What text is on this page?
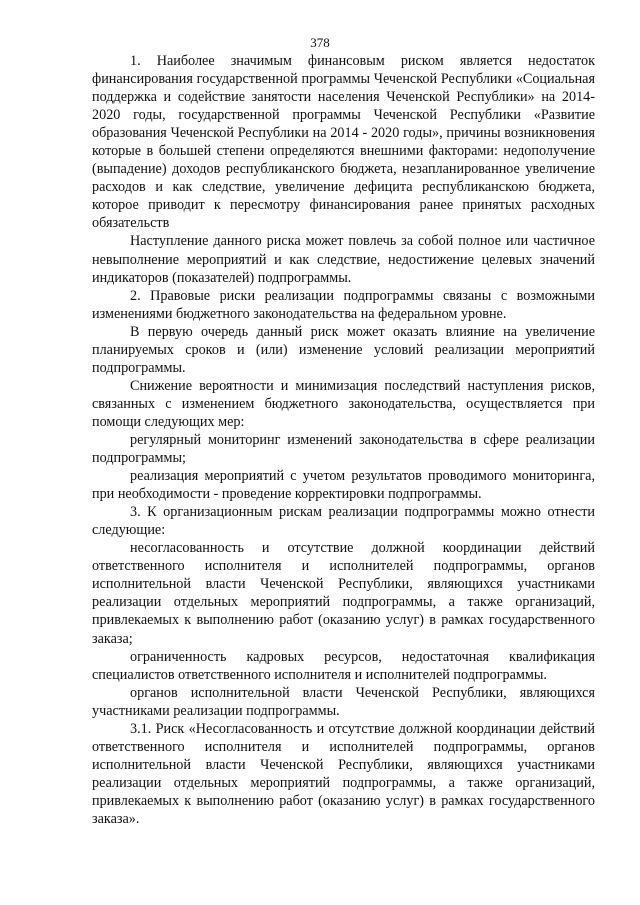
378

1. Наиболее значимым финансовым риском является недостаток финансирования государственной программы Чеченской Республики «Социальная поддержка и содействие занятости населения Чеченской Республики» на 2014-2020 годы, государственной программы Чеченской Республики «Развитие образования Чеченской Республики на 2014 - 2020 годы», причины возникновения которые в большей степени определяются внешними факторами: недополучение (выпадение) доходов республиканского бюджета, незапланированное увеличение расходов и как следствие, увеличение дефицита республиканскою бюджета, которое приводит к пересмотру финансирования ранее принятых расходных обязательств

Наступление данного риска может повлечь за собой полное или частичное невыполнение мероприятий и как следствие, недостижение целевых значений индикаторов (показателей) подпрограммы.

2. Правовые риски реализации подпрограммы связаны с возможными изменениями бюджетного законодательства на федеральном уровне.

В первую очередь данный риск может оказать влияние на увеличение планируемых сроков и (или) изменение условий реализации мероприятий подпрограммы.

Снижение вероятности и минимизация последствий наступления рисков, связанных с изменением бюджетного законодательства, осуществляется при помощи следующих мер:

регулярный мониторинг изменений законодательства в сфере реализации подпрограммы;

реализация мероприятий с учетом результатов проводимого мониторинга, при необходимости - проведение корректировки подпрограммы.

3. К организационным рискам реализации подпрограммы можно отнести следующие:

несогласованность и отсутствие должной координации действий ответственного исполнителя и исполнителей подпрограммы, органов исполнительной власти Чеченской Республики, являющихся участниками реализации отдельных мероприятий подпрограммы, а также организаций, привлекаемых к выполнению работ (оказанию услуг) в рамках государственного заказа;

ограниченность кадровых ресурсов, недостаточная квалификация специалистов ответственного исполнителя и исполнителей подпрограммы.

органов исполнительной власти Чеченской Республики, являющихся участниками реализации подпрограммы.

3.1. Риск «Несогласованность и отсутствие должной координации действий ответственного исполнителя и исполнителей подпрограммы, органов исполнительной власти Чеченской Республики, являющихся участниками реализации отдельных мероприятий подпрограммы, а также организаций, привлекаемых к выполнению работ (оказанию услуг) в рамках государственного заказа».
